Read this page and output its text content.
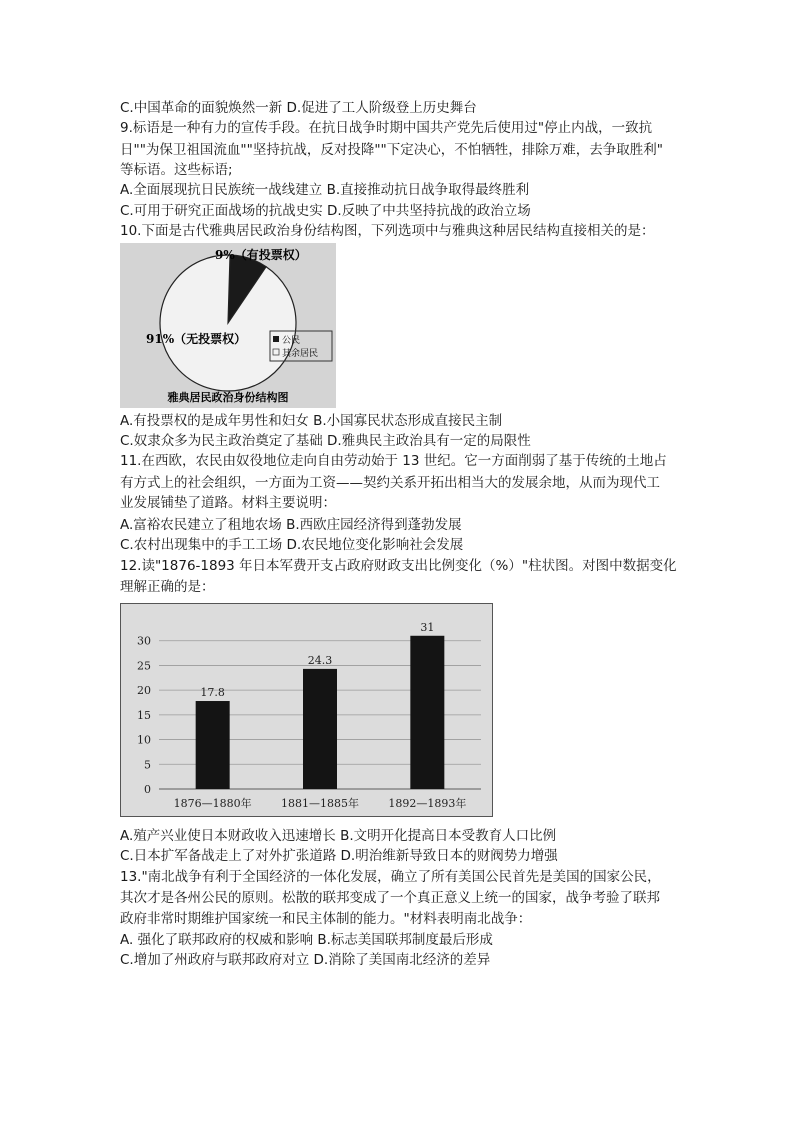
C.中国革命的面貌焕然一新 D.促进了工人阶级登上历史舞台
9.标语是一种有力的宣传手段。在抗日战争时期中国共产党先后使用过"停止内战，一致抗
日""为保卫祖国流血""坚持抗战，反对投降""下定决心，不怕牺牲，排除万难，去争取胜利"
等标语。这些标语;
A.全面展现抗日民族统一战线建立 B.直接推动抗日战争取得最终胜利
C.可用于研究正面战场的抗战史实 D.反映了中共坚持抗战的政治立场
10.下面是古代雅典居民政治身份结构图，下列选项中与雅典这种居民结构直接相关的是：
9%（有投票权）
91%（无投票权）	公民
其余居民
雅典居民政治身份结构图
A.有投票权的是成年男性和妇女 B.小国寡民状态形成直接民主制
C.奴隶众多为民主政治奠定了基础 D.雅典民主政治具有一定的局限性
11.在西欧，农民由奴役地位走向自由劳动始于 13 世纪。它一方面削弱了基于传统的土地占
有方式上的社会组织，一方面为工资——契约关系开拓出相当大的发展余地，从而为现代工
业发展铺垫了道路。材料主要说明：
A.富裕农民建立了租地农场 B.西欧庄园经济得到蓬勃发展
C.农村出现集中的手工工场 D.农民地位变化影响社会发展
12.读"1876-1893 年日本军费开支占政府财政支出比例变化（%）"柱状图。对图中数据变化
理解正确的是：
0
5
10
15
20
25
30
17.8
1876—1880年
24.3
1881—1885年
31
1892—1893年
A.殖产兴业使日本财政收入迅速增长 B.文明开化提高日本受教育人口比例
C.日本扩军备战走上了对外扩张道路 D.明治维新导致日本的财阀势力增强
13."南北战争有利于全国经济的一体化发展，确立了所有美国公民首先是美国的国家公民，
其次才是各州公民的原则。松散的联邦变成了一个真正意义上统一的国家，战争考验了联邦
政府非常时期维护国家统一和民主体制的能力。"材料表明南北战争：
A. 强化了联邦政府的权威和影响 B.标志美国联邦制度最后形成
C.增加了州政府与联邦政府对立 D.消除了美国南北经济的差异
